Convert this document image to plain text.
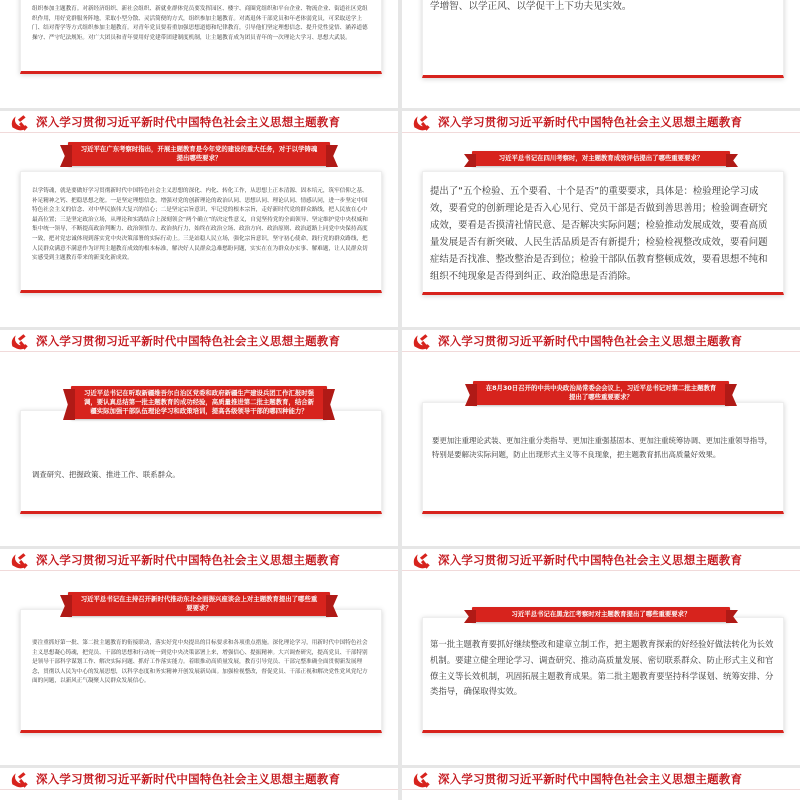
组织参加主题教育。对新经济组织、新社会组织、新就业群体党员要发挥园区、楼宇、商圈党组织和平台企业、物流企业、街道社区党组织作用，用好党群服务阵地，采取小型分散、灵活简便的方式，组织参加主题教育。对离退休干部党员和年老体弱党员，可采取送学上门、结对帮学等方式组织参加主题教育。对青年党员要着重加强思想道德和纪律教育，引导他们坚定理想信念、提升党性觉悟、涵养道德操守、严守纪法规矩。对广大团员和青年要用好党建带团建制度机制，让主题教育成为团员青年的一次理论大学习、思想大武装。
学增智、以学正风、以学促干上下功夫见实效。
深入学习贯彻习近平新时代中国特色社会主义思想主题教育
习近平在广东考察时指出，开展主题教育是今年党的建设的重大任务，对于以学铸魂提出哪些要求？
以学铸魂，就是要做好学习贯彻新时代中国特色社会主义思想的深化、内化、转化工作，从思想上正本清源、固本培元，筑牢信仰之基、补足精神之钙、把稳思想之舵。一是坚定理想信念，增强对党的创新理论的政治认同、思想认同、理论认同、情感认同，进一步坚定中国特色社会主义的信念、对中华民族伟大复兴的信心；二是坚定宗旨意识，牢记党的根本宗旨，走好新时代党的群众路线，把人民放在心中最高位置；三是坚定政治立场，从理论和实践结合上深刻领会“两个确立”的决定性意义，自觉坚持党的全面领导、坚定维护党中央权威和集中统一领导，不断提高政治判断力、政治领悟力、政治执行力，始终在政治立场、政治方向、政治原则、政治道路上同党中央保持高度一致，把对党忠诚体现到落实党中央决策部署的实际行动上。三是站稳人民立场，强化宗旨意识，坚守初心使命，践行党的群众路线，把人民群众满意不满意作为评判主题教育成效的根本标准，解决好人民群众急难愁盼问题，实实在在为群众办实事、解难题，让人民群众切实感受到主题教育带来的新变化新成效。
深入学习贯彻习近平新时代中国特色社会主义思想主题教育
习近平总书记在四川考察时，对主题教育成效评估提出了哪些重要要求？
提出了“五个检验、五个要看、十个是否”的重要要求，具体是：检验理论学习成效，要看党的创新理论是否入心见行、党员干部是否做到善思善用；检验调查研究成效，要看是否摸清社情民意、是否解决实际问题；检验推动发展成效，要看高质量发展是否有新突破、人民生活品质是否有新提升；检验检视整改成效，要看问题症结是否找准、整改整治是否到位；检验干部队伍教育整顿成效，要看思想不纯和组织不纯现象是否得到纠正、政治隐患是否消除。
深入学习贯彻习近平新时代中国特色社会主义思想主题教育
习近平总书记在听取新疆维吾尔自治区党委和政府新疆生产建设兵团工作汇报时强调，要认真总结第一批主题教育的成功经验，高质量推进第二批主题教育，结合新疆实际加强干部队伍理论学习和政策培训，提高各级领导干部的哪四种能力？
调查研究、把握政策、推进工作、联系群众。
深入学习贯彻习近平新时代中国特色社会主义思想主题教育
在8月30日召开的中共中央政治局常委会会议上，习近平总书记对第二批主题教育提出了哪些重要要求？
要更加注重理论武装、更加注重分类指导、更加注重强基固本、更加注重统筹协调、更加注重领导指导，特别是要解决实际问题，防止出现形式主义等不良现象，把主题教育抓出高质量好效果。
深入学习贯彻习近平新时代中国特色社会主义思想主题教育
习近平总书记在主持召开新时代推动东北全面振兴座谈会上对主题教育提出了哪些重要要求？
要注重抓好第一批、第二批主题教育的衔接联动，落实好党中央提出的目标要求和各项重点措施。深化理论学习，用新时代中国特色社会主义思想凝心铸魂，把党员、干部的思想和行动统一到党中央决策部署上来，增强信心、提振精神。大兴调查研究，提高党员、干部特别是领导干部科学谋划工作、解决实际问题、抓好工作落实能力。着眼推动高质量发展，教育引导党员、干部完整准确全面贯彻新发展理念，贯彻以人民为中心的发展思想，以科学态度和务实精神开创发展新局面。加强检视整改，督促党员、干部正视和解决党性党风党纪方面的问题，以新风正气凝聚人民群众发展信心。
深入学习贯彻习近平新时代中国特色社会主义思想主题教育
习近平总书记在黑龙江考察时对主题教育提出了哪些重要要求？
第一批主题教育要抓好继续整改和建章立制工作，把主题教育探索的好经验好做法转化为长效机制。要建立健全理论学习、调查研究、推动高质量发展、密切联系群众、防止形式主义和官僚主义等长效机制，巩固拓展主题教育成果。第二批主题教育要坚持科学谋划、统筹安排、分类指导，确保取得实效。
深入学习贯彻习近平新时代中国特色社会主义思想主题教育	深入学习贯彻习近平新时代中国特色社会主义思想主题教育
